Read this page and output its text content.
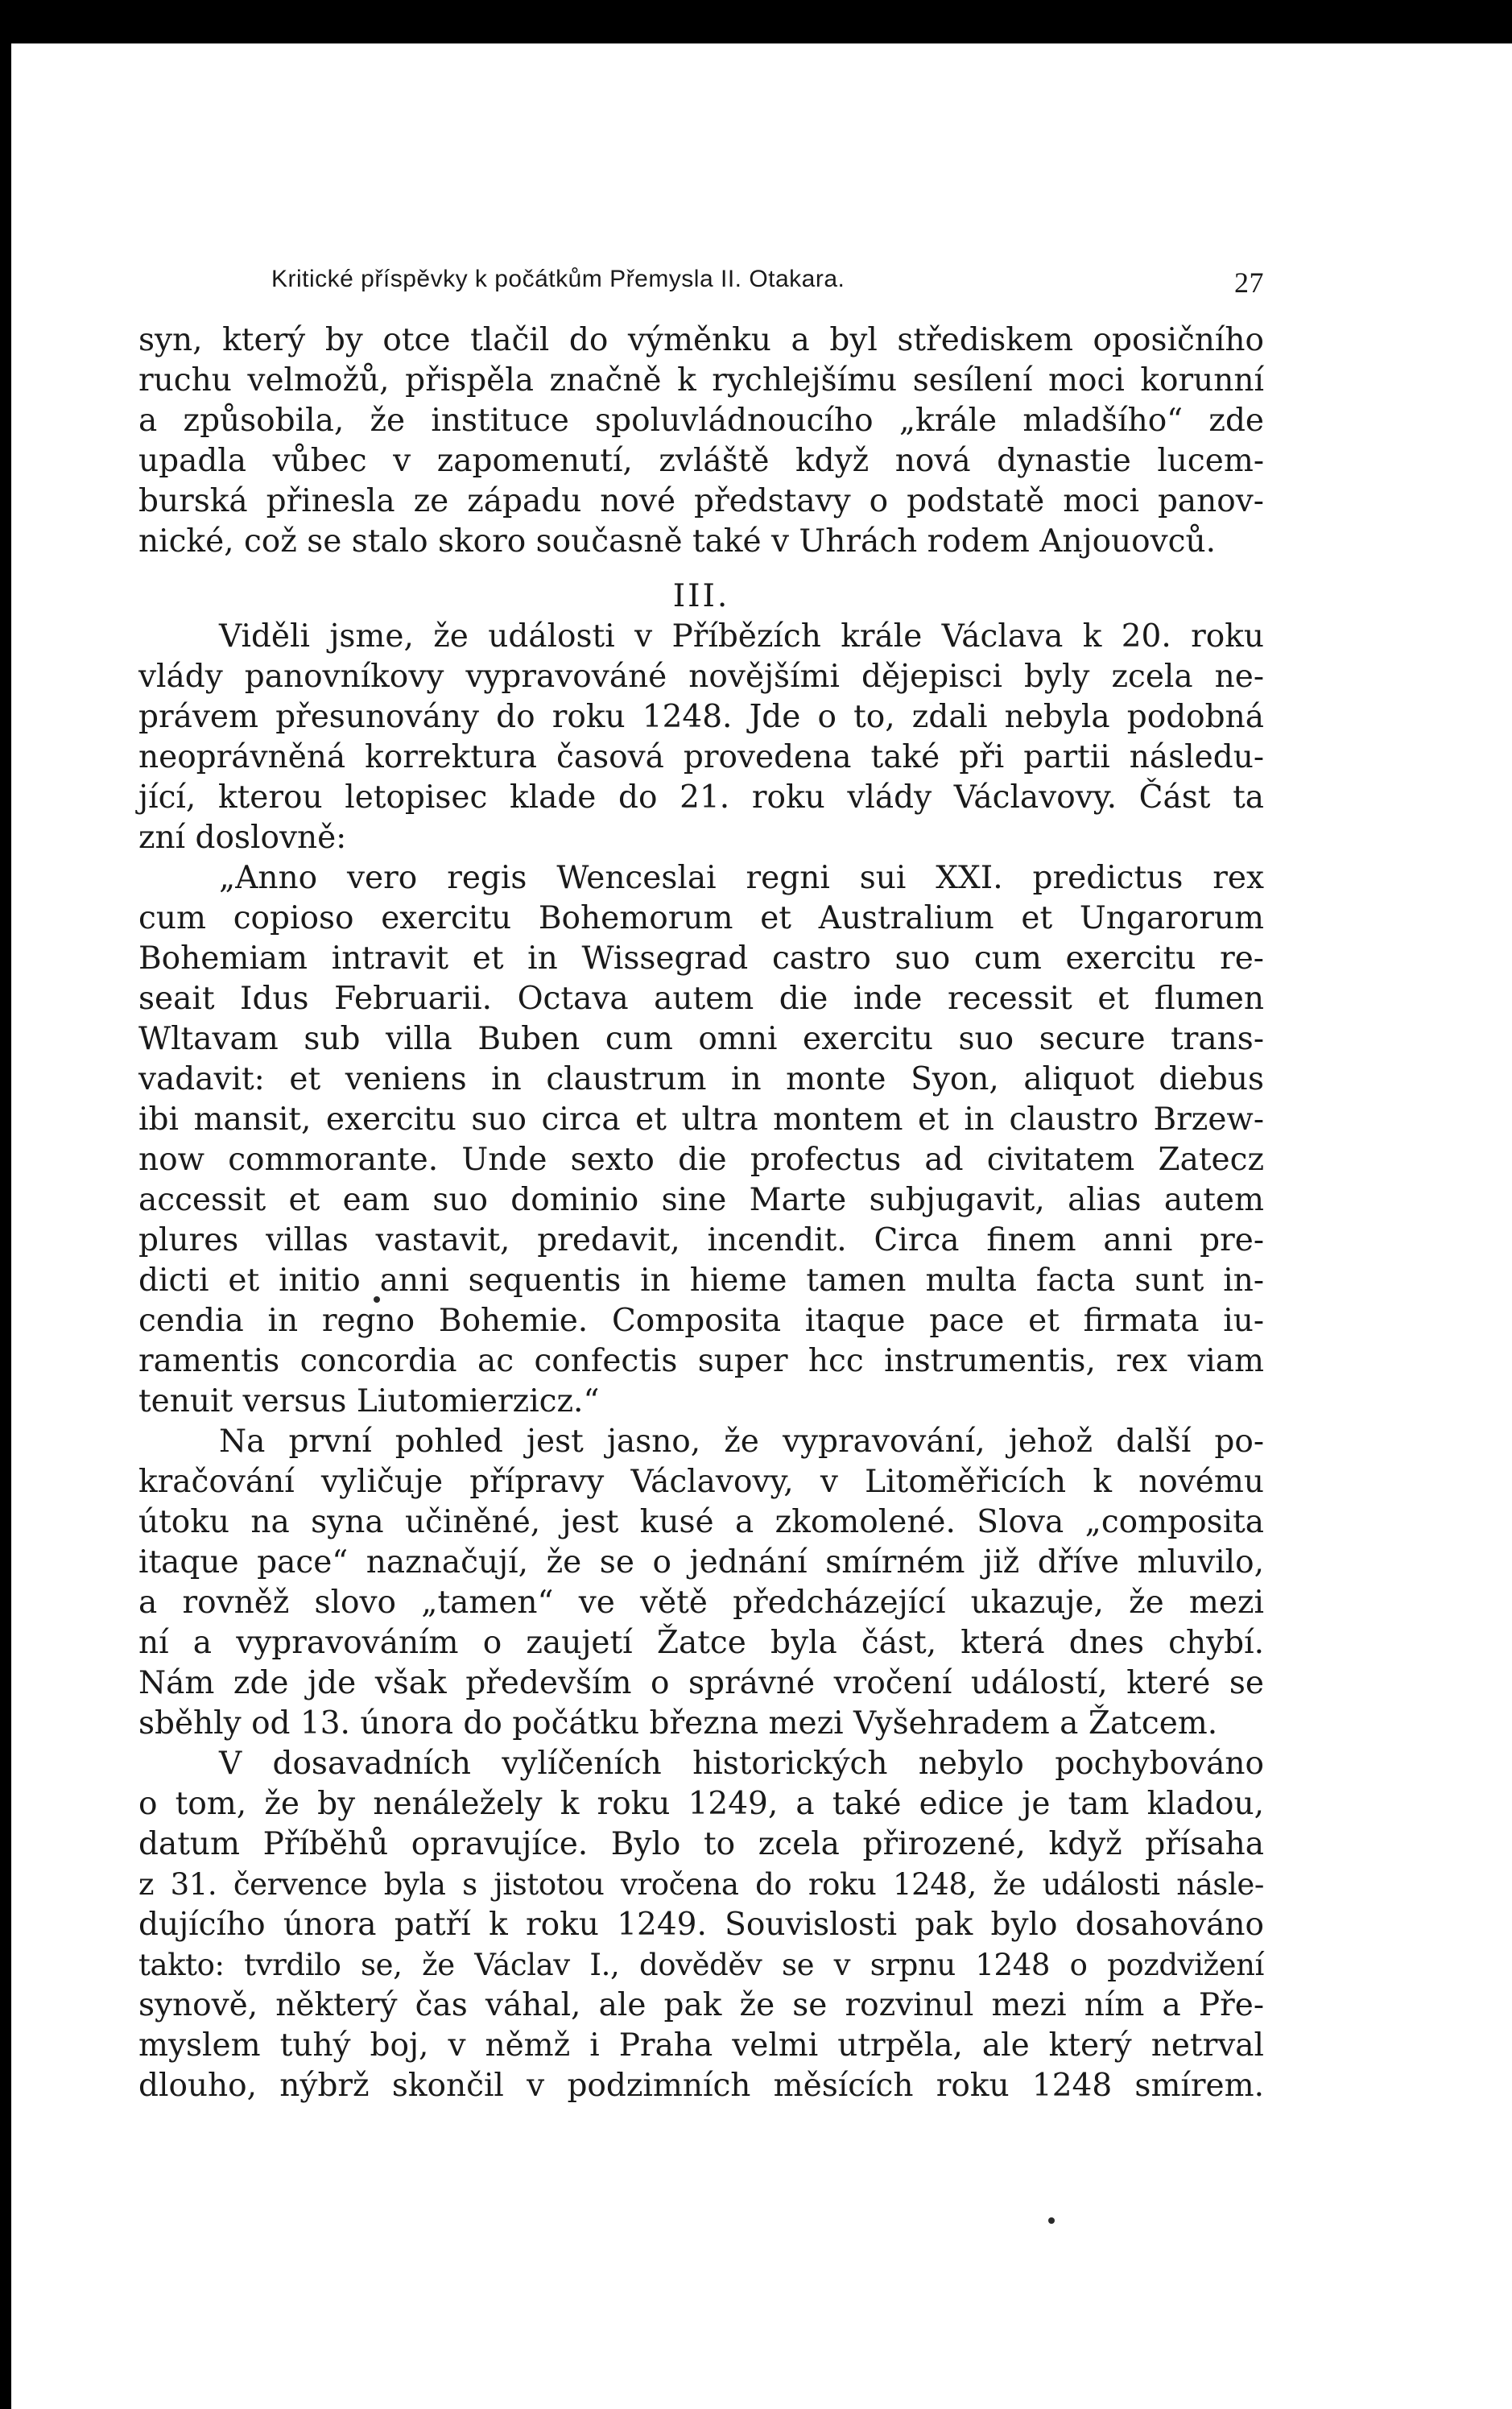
Kritické příspěvky k počátkům Přemysla II. Otakara.	27
syn, který by otce tlačil do výměnku a byl střediskem oposičního
ruchu velmožů, přispěla značně k rychlejšímu sesílení moci korunní
a způsobila, že instituce spoluvládnoucího „krále mladšího“ zde
upadla vůbec v zapomenutí, zvláště když nová dynastie lucem-
burská přinesla ze západu nové představy o podstatě moci panov-
nické, což se stalo skoro současně také v Uhrách rodem Anjouovců.
III.
Viděli jsme, že události v Příbězích krále Václava k 20. roku
vlády panovníkovy vypravováné novějšími dějepisci byly zcela ne-
právem přesunovány do roku 1248. Jde o to, zdali nebyla podobná
neoprávněná korrektura časová provedena také při partii následu-
jící, kterou letopisec klade do 21. roku vlády Václavovy. Část ta
zní doslovně:
„Anno vero regis Wenceslai regni sui XXI. predictus rex
cum copioso exercitu Bohemorum et Australium et Ungarorum
Bohemiam intravit et in Wissegrad castro suo cum exercitu re-
seait Idus Februarii. Octava autem die inde recessit et flumen
Wltavam sub villa Buben cum omni exercitu suo secure trans-
vadavit: et veniens in claustrum in monte Syon, aliquot diebus
ibi mansit, exercitu suo circa et ultra montem et in claustro Brzew-
now commorante. Unde sexto die profectus ad civitatem Zatecz
accessit et eam suo dominio sine Marte subjugavit, alias autem
plures villas vastavit, predavit, incendit. Circa finem anni pre-
dicti et initio anni sequentis in hieme tamen multa facta sunt in-
cendia in regno Bohemie. Composita itaque pace et firmata iu-
ramentis concordia ac confectis super hcc instrumentis, rex viam
tenuit versus Liutomierzicz.“
Na první pohled jest jasno, že vypravování, jehož další po-
kračování vyličuje přípravy Václavovy, v Litoměřicích k novému
útoku na syna učiněné, jest kusé a zkomolené. Slova „composita
itaque pace“ naznačují, že se o jednání smírném již dříve mluvilo,
a rovněž slovo „tamen“ ve větě předcházející ukazuje, že mezi
ní a vypravováním o zaujetí Žatce byla část, která dnes chybí.
Nám zde jde však především o správné vročení událostí, které se
sběhly od 13. února do počátku března mezi Vyšehradem a Žatcem.
V dosavadních vylíčeních historických nebylo pochybováno
o tom, že by nenáležely k roku 1249, a také edice je tam kladou,
datum Příběhů opravujíce. Bylo to zcela přirozené, když přísaha
z 31. července byla s jistotou vročena do roku 1248, že události násle-
dujícího února patří k roku 1249. Souvislosti pak bylo dosahováno
takto: tvrdilo se, že Václav I., dověděv se v srpnu 1248 o pozdvižení
synově, některý čas váhal, ale pak že se rozvinul mezi ním a Pře-
myslem tuhý boj, v němž i Praha velmi utrpěla, ale který netrval
dlouho, nýbrž skončil v podzimních měsících roku 1248 smírem.
